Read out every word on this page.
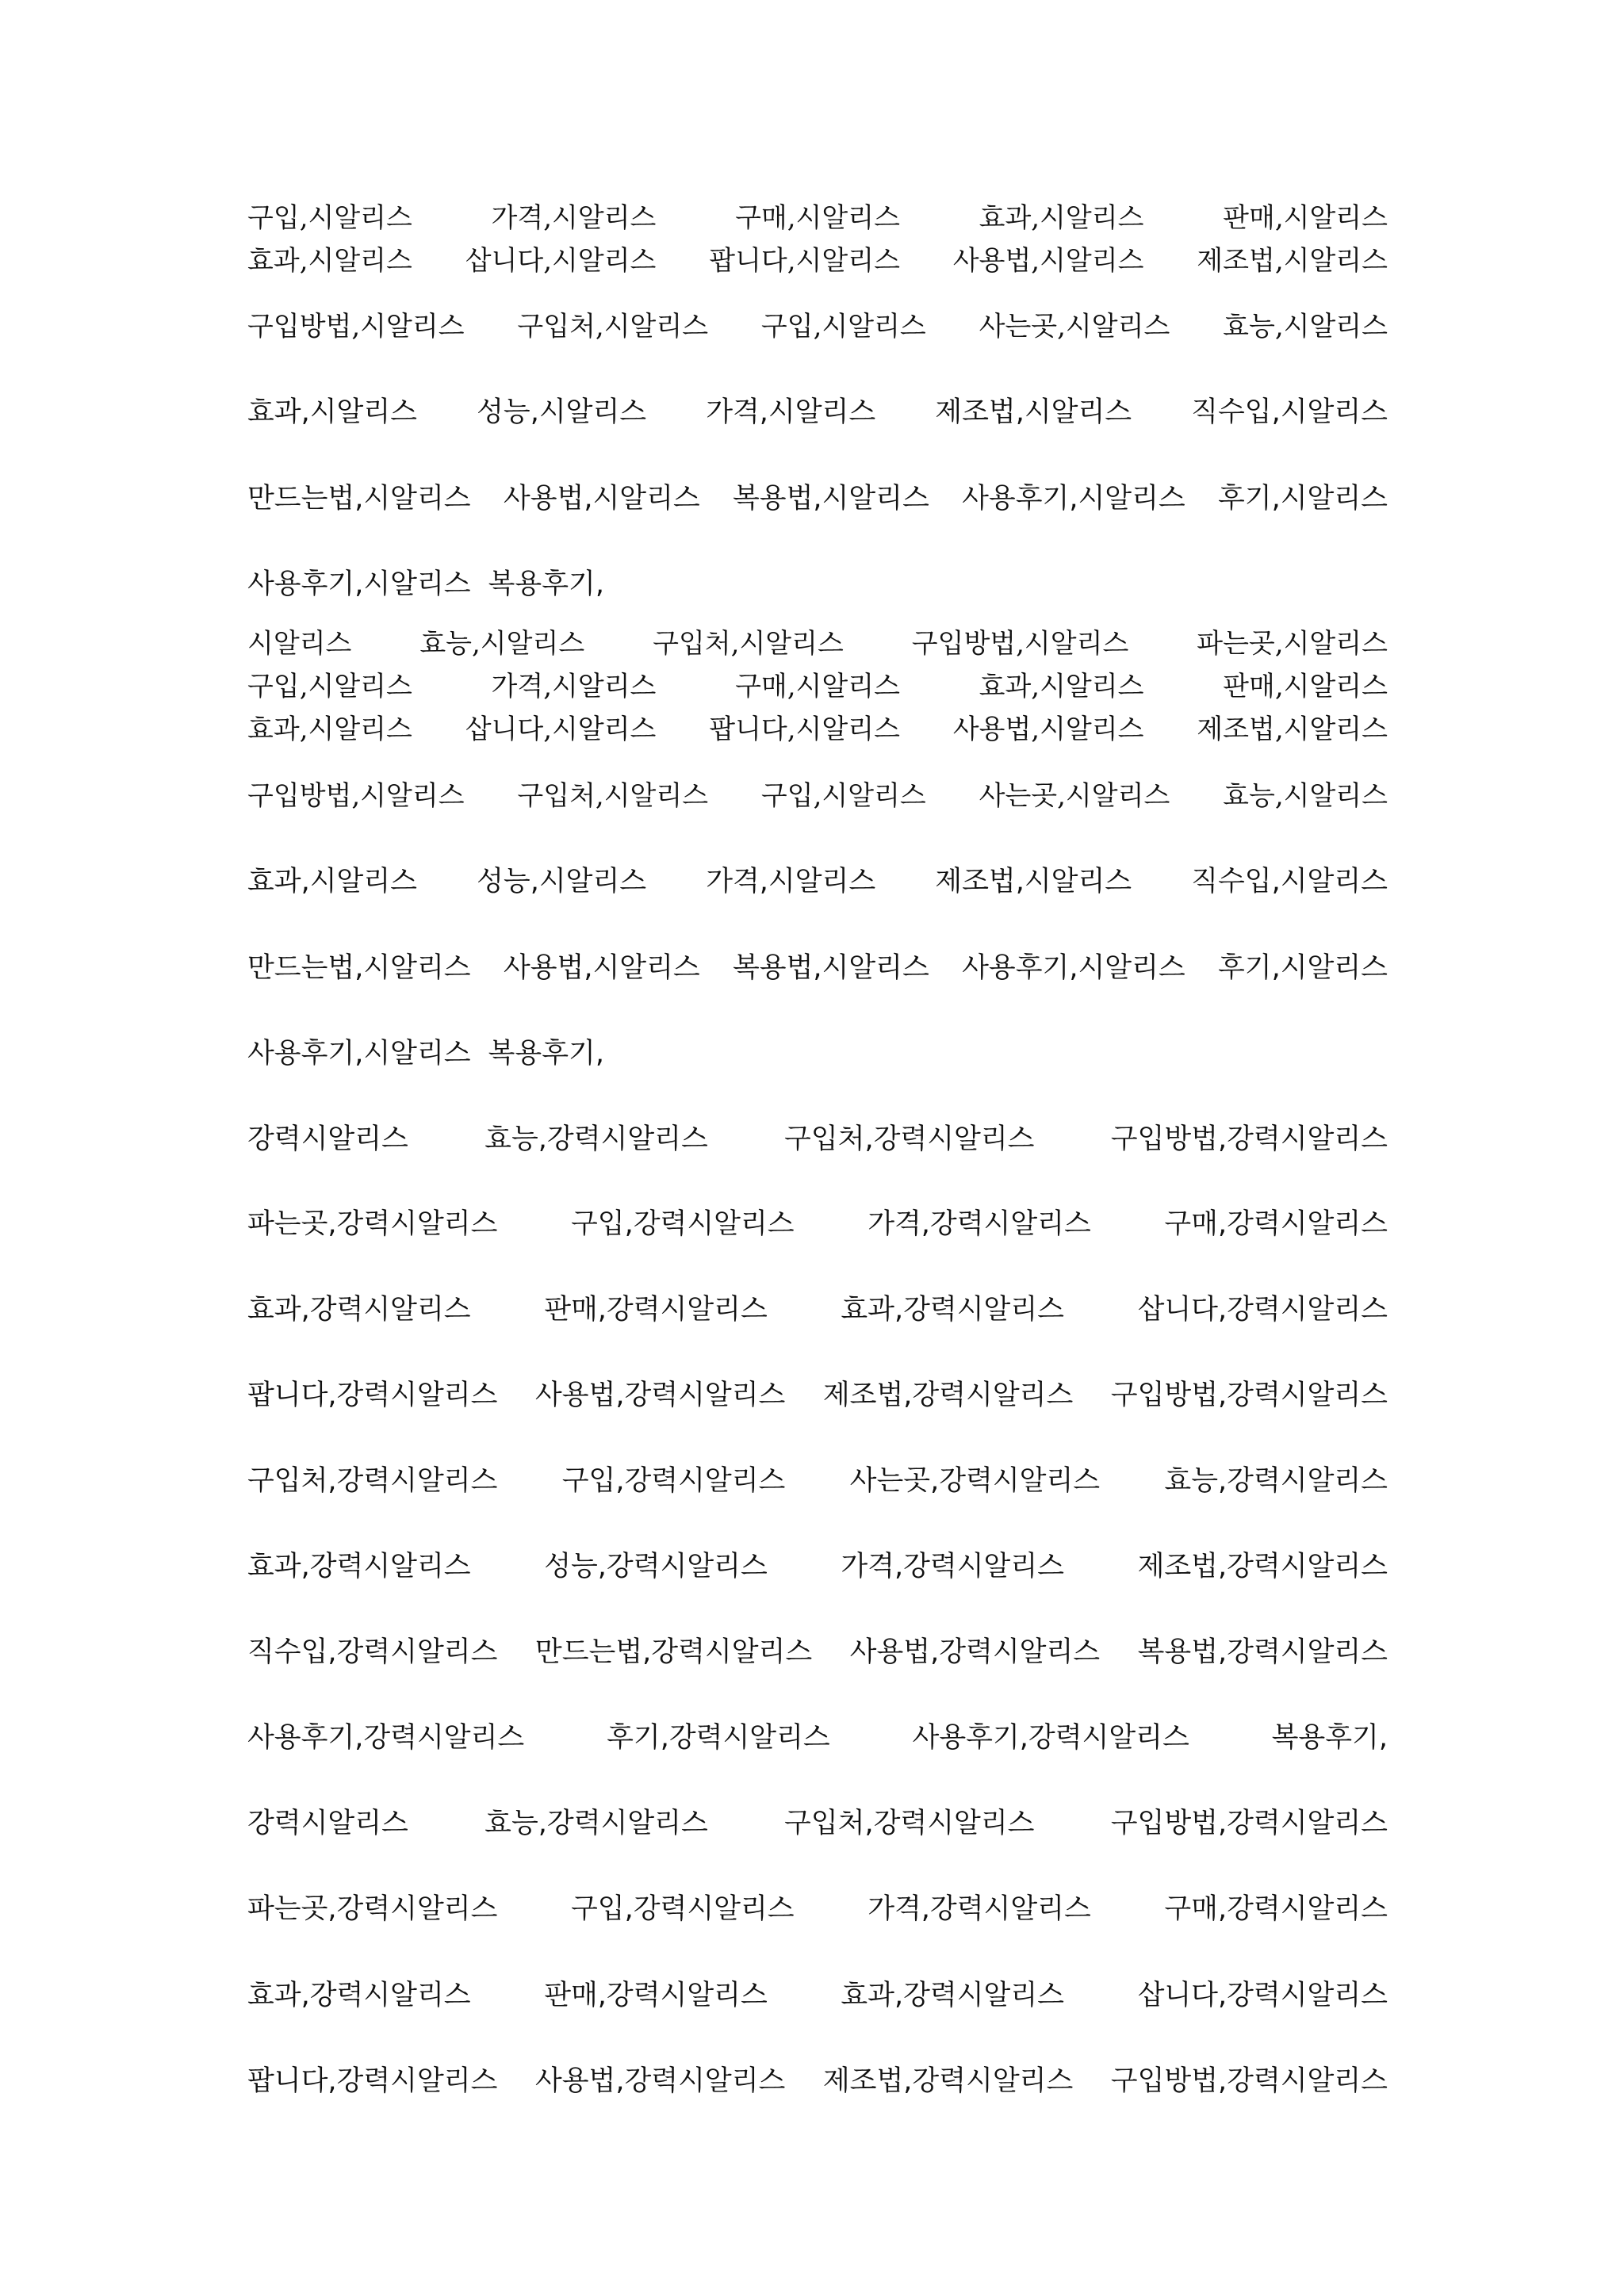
구입,시알리스	가격,시알리스	구매,시알리스	효과,시알리스	판매,시알리스
효과,시알리스 삽니다,시알리스 팝니다,시알리스 사용법,시알리스 제조법,시알리스
구입방법,시알리스 구입처,시알리스 구입,시알리스 사는곳,시알리스 효능,시알리스
효과,시알리스 성능,시알리스 가격,시알리스 제조법,시알리스 직수입,시알리스
만드는법,시알리스 사용법,시알리스 복용법,시알리스 사용후기,시알리스 후기,시알리스
사용후기,시알리스 복용후기,
시알리스	효능,시알리스	구입처,시알리스	구입방법,시알리스	파는곳,시알리스
구입,시알리스	가격,시알리스	구매,시알리스	효과,시알리스	판매,시알리스
효과,시알리스 삽니다,시알리스 팝니다,시알리스 사용법,시알리스 제조법,시알리스
구입방법,시알리스 구입처,시알리스 구입,시알리스 사는곳,시알리스 효능,시알리스
효과,시알리스 성능,시알리스 가격,시알리스 제조법,시알리스 직수입,시알리스
만드는법,시알리스 사용법,시알리스 복용법,시알리스 사용후기,시알리스 후기,시알리스
사용후기,시알리스 복용후기,
강력시알리스	효능,강력시알리스	구입처,강력시알리스	구입방법,강력시알리스
파는곳,강력시알리스	구입,강력시알리스	가격,강력시알리스	구매,강력시알리스
효과,강력시알리스	판매,강력시알리스	효과,강력시알리스	삽니다,강력시알리스
팝니다,강력시알리스 사용법,강력시알리스 제조법,강력시알리스 구입방법,강력시알리스
구입처,강력시알리스 구입,강력시알리스 사는곳,강력시알리스 효능,강력시알리스
효과,강력시알리스	성능,강력시알리스	가격,강력시알리스	제조법,강력시알리스
직수입,강력시알리스 만드는법,강력시알리스 사용법,강력시알리스 복용법,강력시알리스
사용후기,강력시알리스	후기,강력시알리스	사용후기,강력시알리스	복용후기,
강력시알리스	효능,강력시알리스	구입처,강력시알리스	구입방법,강력시알리스
파는곳,강력시알리스	구입,강력시알리스	가격,강력시알리스	구매,강력시알리스
효과,강력시알리스	판매,강력시알리스	효과,강력시알리스	삽니다,강력시알리스
팝니다,강력시알리스 사용법,강력시알리스 제조법,강력시알리스 구입방법,강력시알리스
